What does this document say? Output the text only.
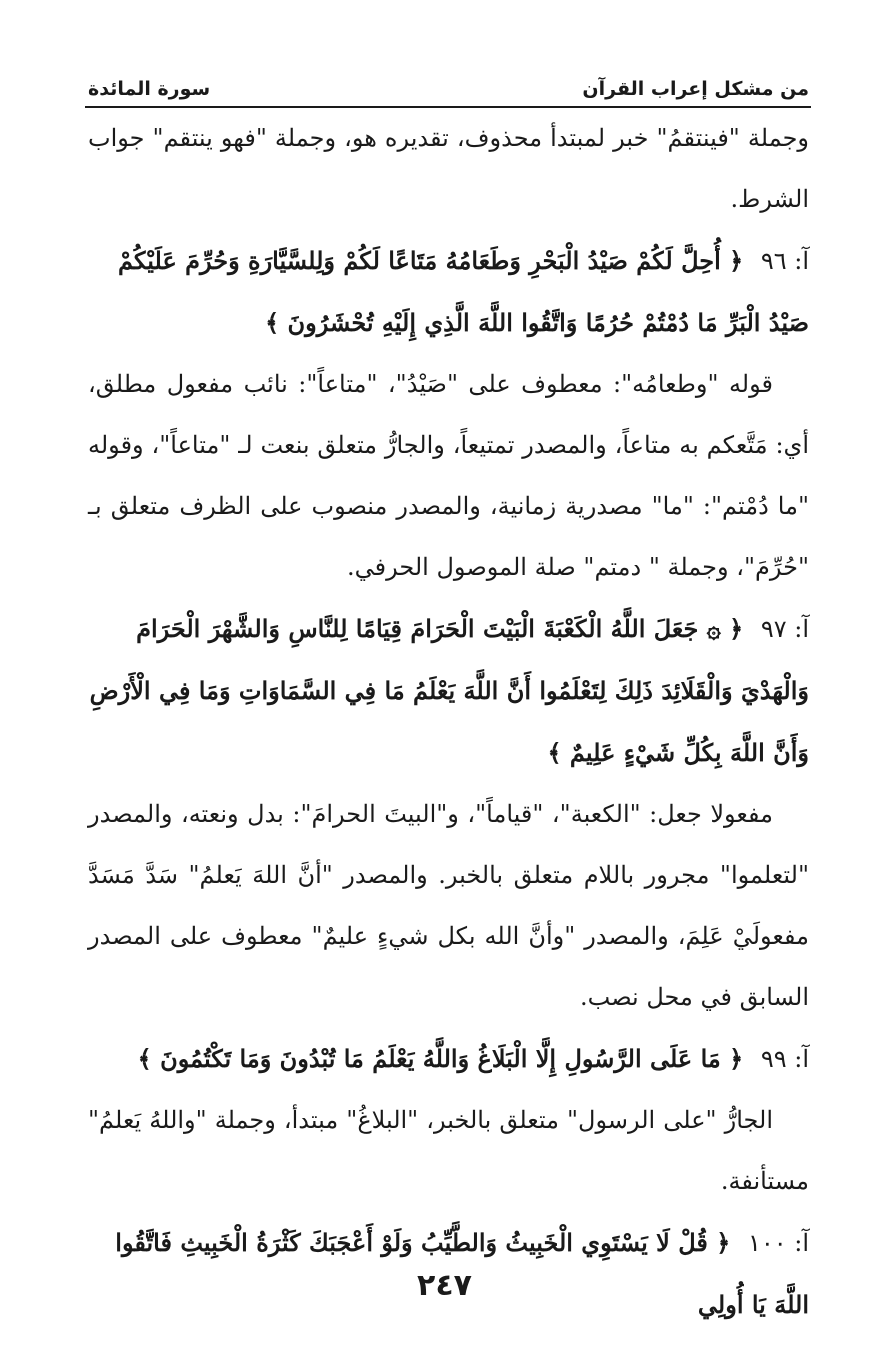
من مشكل إعراب القرآن
سورة المائدة

وجملة "فينتقمُ" خبر لمبتدأ محذوف، تقديره هو، وجملة "فهو ينتقم" جواب الشرط.

آ: ٩٦ ﴿ أُحِلَّ لَكُمْ صَيْدُ الْبَحْرِ وَطَعَامُهُ مَتَاعًا لَكُمْ وَلِلسَّيَّارَةِ وَحُرِّمَ عَلَيْكُمْ صَيْدُ الْبَرِّ مَا دُمْتُمْ حُرُمًا وَاتَّقُوا اللَّهَ الَّذِي إِلَيْهِ تُحْشَرُونَ ﴾

قوله "وطعامُه": معطوف على "صَيْدُ"، "متاعاً": نائب مفعول مطلق، أي: مَتَّعكم به متاعاً، والمصدر تمتيعاً، والجارُّ متعلق بنعت لـ "متاعاً"، وقوله "ما دُمْتم": "ما" مصدرية زمانية، والمصدر منصوب على الظرف متعلق بـ "حُرِّمَ"، وجملة " دمتم" صلة الموصول الحرفي.

آ: ٩٧ ﴿ ۞ جَعَلَ اللَّهُ الْكَعْبَةَ الْبَيْتَ الْحَرَامَ قِيَامًا لِلنَّاسِ وَالشَّهْرَ الْحَرَامَ وَالْهَدْيَ وَالْقَلَائِدَ ذَلِكَ لِتَعْلَمُوا أَنَّ اللَّهَ يَعْلَمُ مَا فِي السَّمَاوَاتِ وَمَا فِي الْأَرْضِ وَأَنَّ اللَّهَ بِكُلِّ شَيْءٍ عَلِيمٌ ﴾

مفعولا جعل: "الكعبة"، "قياماً"، و"البيتَ الحرامَ": بدل ونعته، والمصدر "لتعلموا" مجرور باللام متعلق بالخبر. والمصدر "أنَّ اللهَ يَعلمُ" سَدَّ مَسَدَّ مفعولَيْ عَلِمَ، والمصدر "وأنَّ الله بكل شيءٍ عليمٌ" معطوف على المصدر السابق في محل نصب.

آ: ٩٩ ﴿ مَا عَلَى الرَّسُولِ إِلَّا الْبَلَاغُ وَاللَّهُ يَعْلَمُ مَا تُبْدُونَ وَمَا تَكْتُمُونَ ﴾

الجارُّ "على الرسول" متعلق بالخبر، "البلاغُ" مبتدأ، وجملة "واللهُ يَعلمُ" مستأنفة.

آ: ١٠٠ ﴿ قُلْ لَا يَسْتَوِي الْخَبِيثُ وَالطَّيِّبُ وَلَوْ أَعْجَبَكَ كَثْرَةُ الْخَبِيثِ فَاتَّقُوا اللَّهَ يَا أُولِي

٢٤٧
